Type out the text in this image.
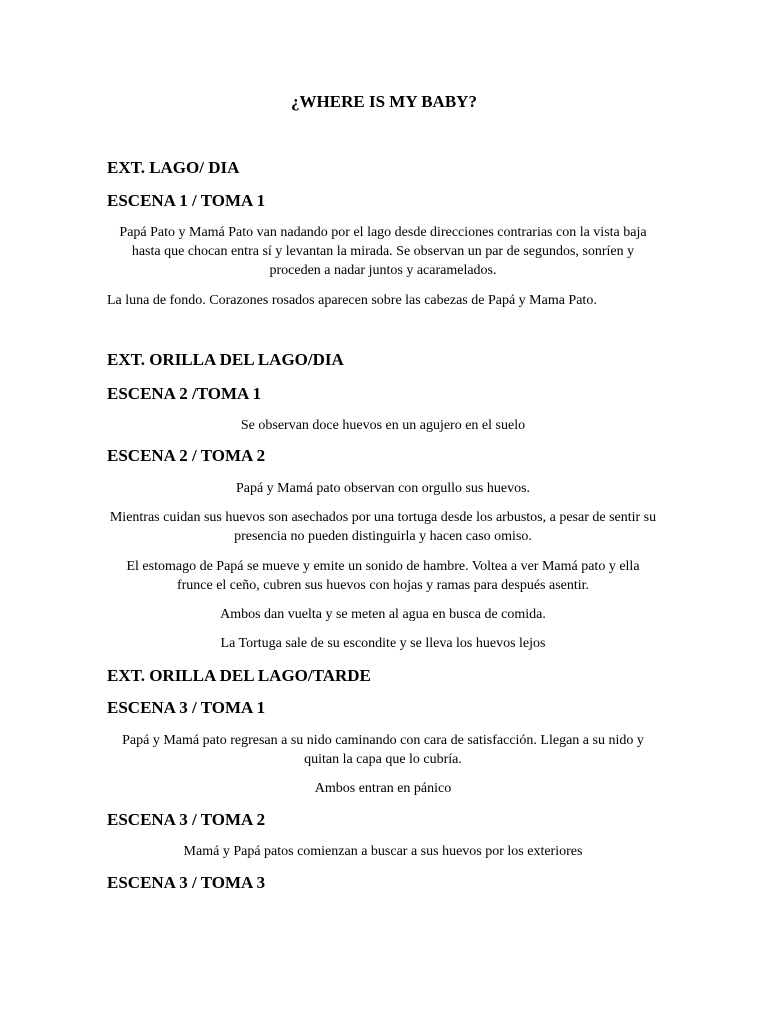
¿WHERE IS MY BABY?
EXT. LAGO/ DIA
ESCENA 1 / TOMA 1

Papá Pato y Mamá Pato van nadando por el lago desde direcciones contrarias con la vista baja hasta que chocan entra sí y levantan la mirada. Se observan un par de segundos, sonríen y proceden a nadar juntos y acaramelados.

La luna de fondo. Corazones rosados aparecen sobre las cabezas de Papá y Mama Pato.

EXT. ORILLA DEL LAGO/DIA
ESCENA 2 /TOMA 1

Se observan doce huevos en un agujero en el suelo

ESCENA 2 / TOMA 2

Papá y Mamá pato observan con orgullo sus huevos.

Mientras cuidan sus huevos son asechados por una tortuga desde los arbustos, a pesar de sentir su presencia no pueden distinguirla y hacen caso omiso.

El estomago de Papá se mueve y emite un sonido de hambre. Voltea a ver Mamá pato y ella frunce el ceño, cubren sus huevos con hojas y ramas para después asentir.

Ambos dan vuelta y se meten al agua en busca de comida.

La Tortuga sale de su escondite y se lleva los huevos lejos

EXT. ORILLA DEL LAGO/TARDE
ESCENA 3 / TOMA 1

Papá y Mamá pato regresan a su nido caminando con cara de satisfacción. Llegan a su nido y quitan la capa que lo cubría.

Ambos entran en pánico

ESCENA 3 / TOMA 2

Mamá y Papá patos comienzan a buscar a sus huevos por los exteriores

ESCENA 3 / TOMA 3
